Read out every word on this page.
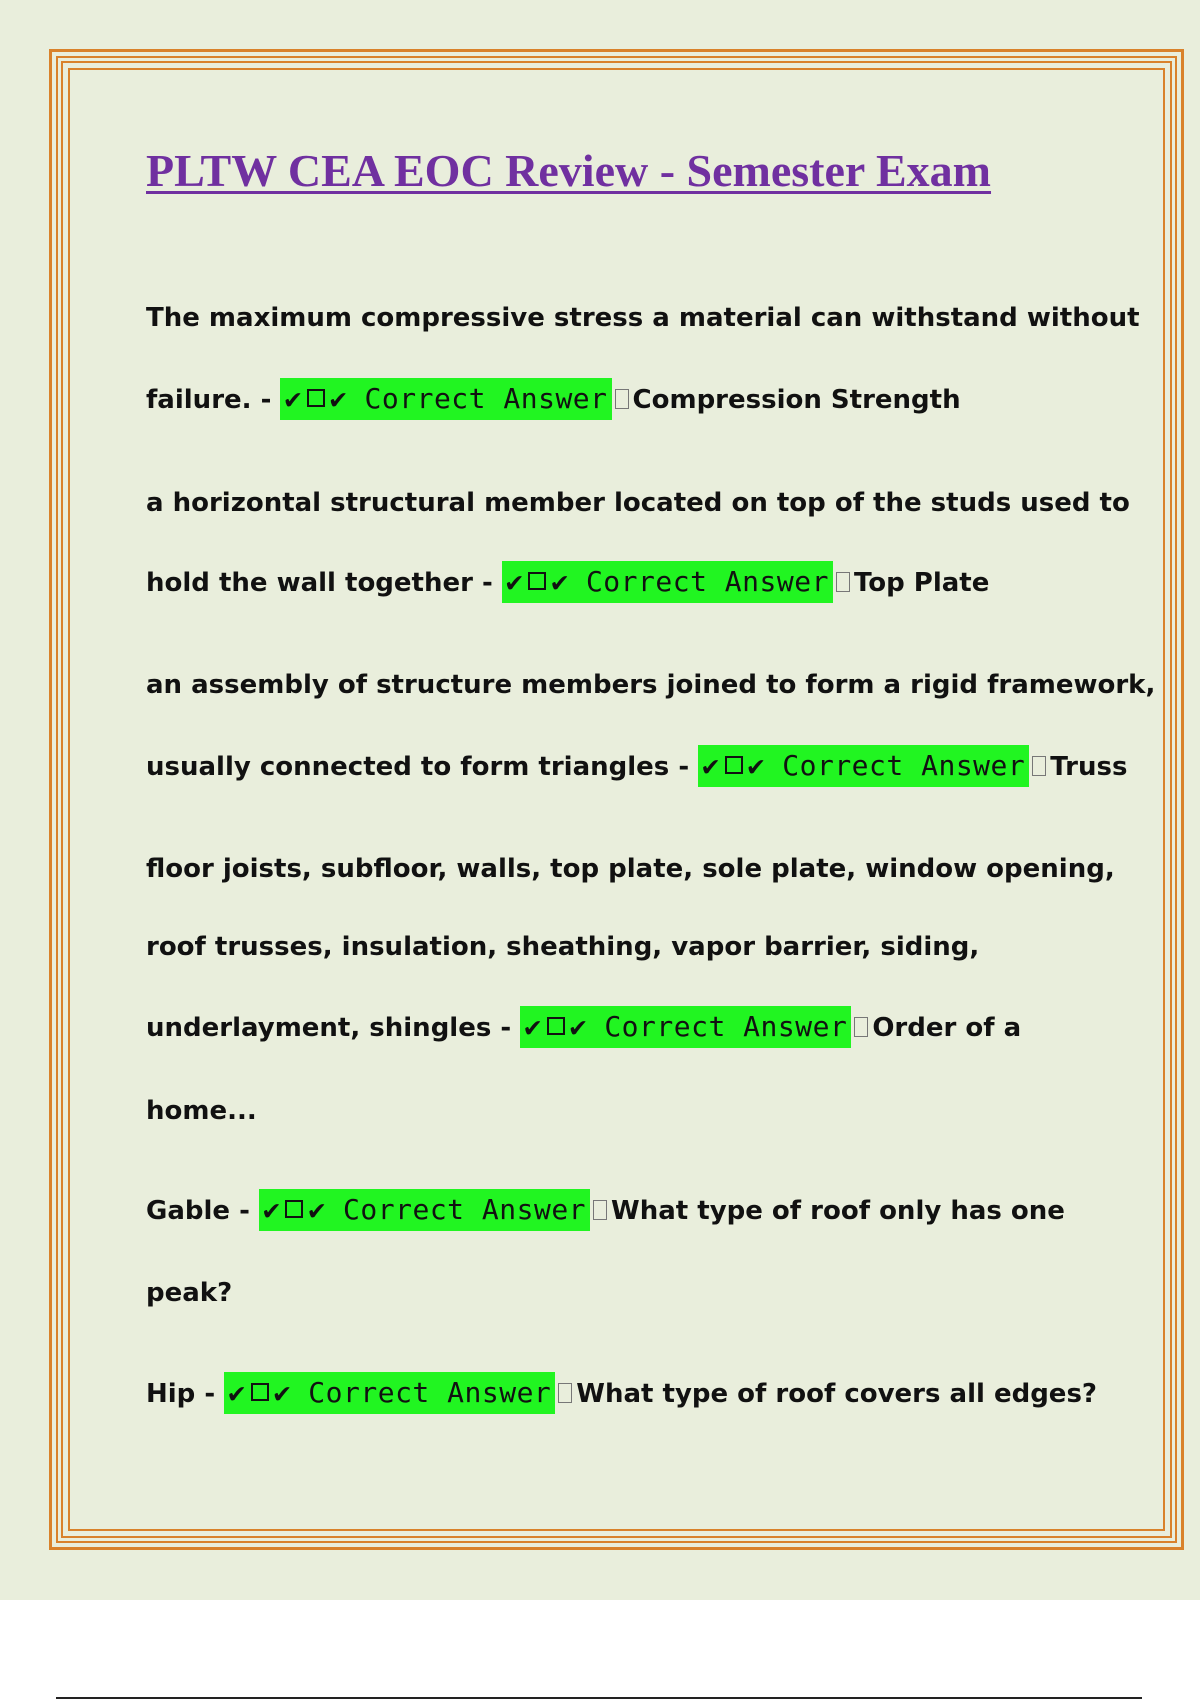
PLTW CEA EOC Review - Semester Exam
The maximum compressive stress a material can withstand without
failure. - ✔ ✔ Correct Answer Compression Strength
a horizontal structural member located on top of the studs used to
hold the wall together - ✔ ✔ Correct Answer Top Plate
an assembly of structure members joined to form a rigid framework,
usually connected to form triangles - ✔ ✔ Correct Answer Truss
floor joists, subfloor, walls, top plate, sole plate, window opening,
roof trusses, insulation, sheathing, vapor barrier, siding,
underlayment, shingles - ✔ ✔ Correct Answer Order of a
home...
Gable - ✔ ✔ Correct Answer What type of roof only has one
peak?
Hip - ✔ ✔ Correct Answer What type of roof covers all edges?
